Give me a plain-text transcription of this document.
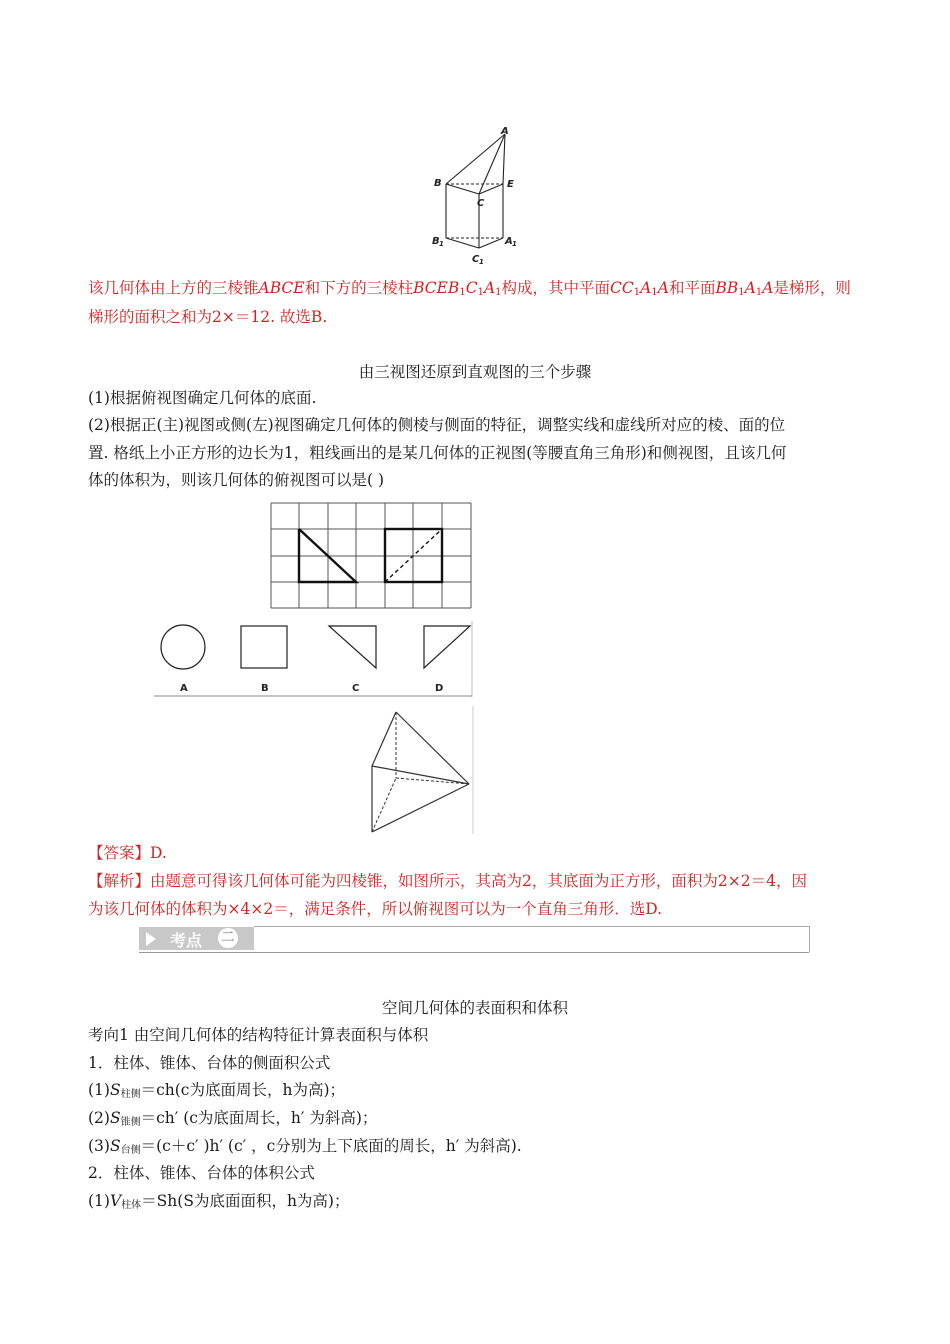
A
B	E
C
B 1	A 1
C 1
该几何体由上方的三棱锥ABCE和下方的三棱柱$BCEB_1C_1A_1$构成，其中平面$CC_1A_1A$和平面$BB_1A_1A$是梯形，则
梯形的面积之和为2×＝12. 故选B.
由三视图还原到直观图的三个步骤
(1)根据俯视图确定几何体的底面.
(2)根据正(主)视图或侧(左)视图确定几何体的侧棱与侧面的特征，调整实线和虚线所对应的棱、面的位
置. 格纸上小正方形的边长为1，粗线画出的是某几何体的正视图(等腰直角三角形)和侧视图，且该几何
体的体积为，则该几何体的俯视图可以是( )
A	B	C	D
【答案】D.
【解析】由题意可得该几何体可能为四棱锥，如图所示，其高为2，其底面为正方形，面积为2×2＝4，因
为该几何体的体积为×4×2＝，满足条件，所以俯视图可以为一个直角三角形．选D.
考点 二
空间几何体的表面积和体积
考向1 由空间几何体的结构特征计算表面积与体积
1．柱体、锥体、台体的侧面积公式
$(1)S_{柱侧}=ch(c$为底面周长，h为高)；
$(2)S_{锥侧}=ch'$ (c为底面周长，h′ 为斜高)；
$(3)S_{台侧}=(c+c'$ )h′ (c′ ，c分别为上下底面的周长，h′ 为斜高).
2．柱体、锥体、台体的体积公式
$(1)V_{柱体}=Sh(S$为底面面积，h为高)；
